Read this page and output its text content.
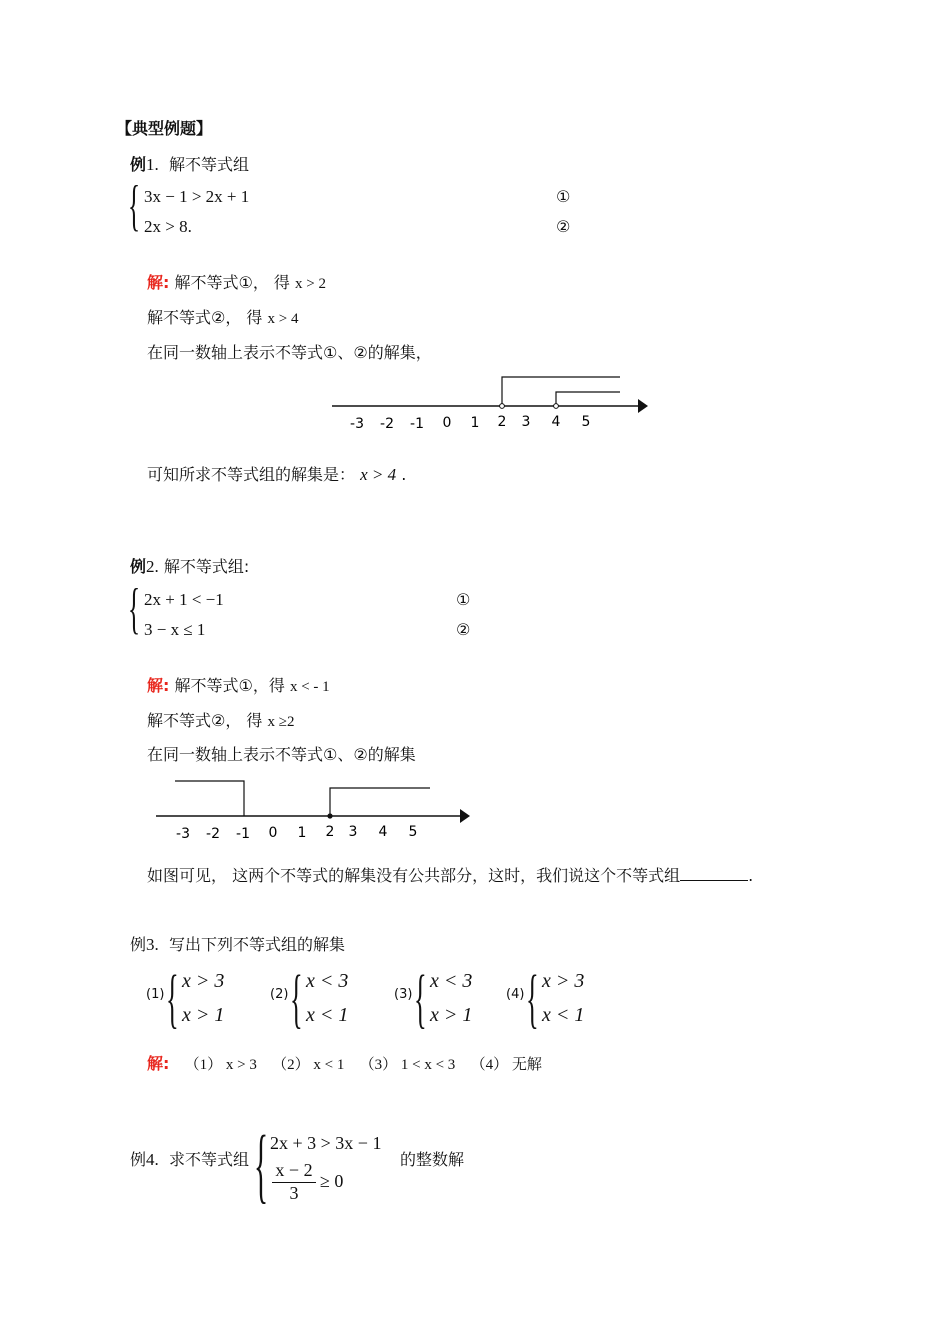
【典型例题】
例1. 解不等式组
{ 3x − 1 > 2x + 1
2x > 8.
①
②
解: 解不等式①， 得 x > 2
解不等式②， 得 x > 4
在同一数轴上表示不等式①、②的解集，
-3 -2 -1 0 1 2 3 4 5
可知所求不等式组的解集是： x > 4 .
例2. 解不等式组:
{ 2x + 1 < −1
3 − x ≤ 1
①
②
解: 解不等式①，得 x < - 1
解不等式②， 得 x ≥2
在同一数轴上表示不等式①、②的解集
-3 -2 -1 0 1 2 3 4 5
如图可见， 这两个不等式的解集没有公共部分，这时，我们说这个不等式组	.
例3. 写出下列不等式组的解集
(1) { x > 3
x > 1
(2) { x < 3
x < 1
(3) { x < 3
x > 1
(4) { x > 3
x < 1
解: （1） x > 3 （2） x < 1 （3） 1 < x < 3 （4） 无解
例4. 求不等式组 { 2x + 3 > 3x − 1
x − 2
3
≥ 0
的整数解
